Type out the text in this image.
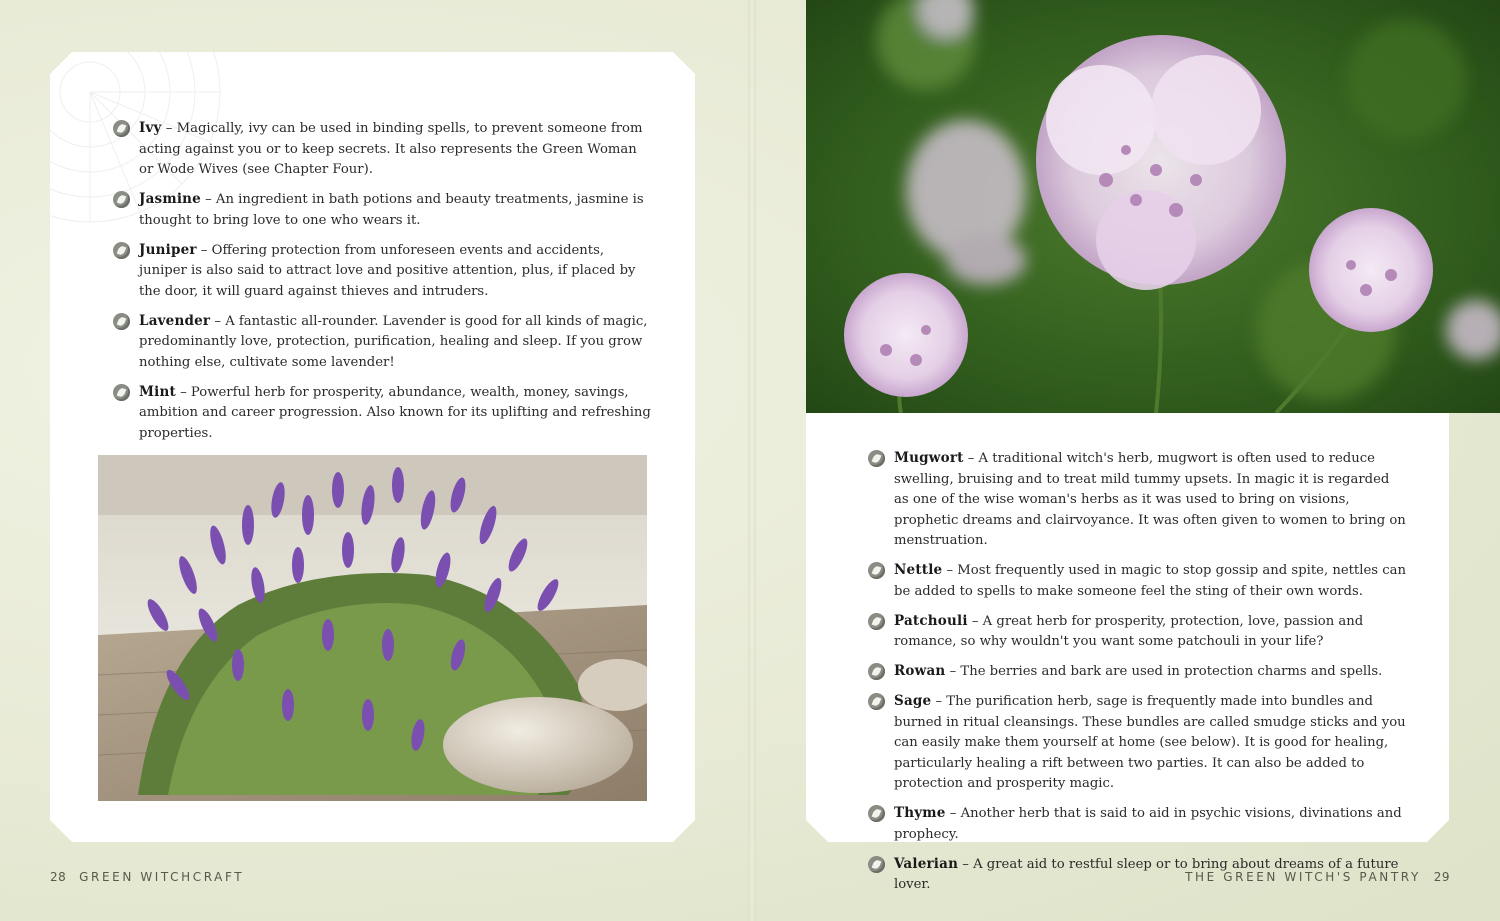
Ivy – Magically, ivy can be used in binding spells, to prevent someone from acting against you or to keep secrets. It also represents the Green Woman or Wode Wives (see Chapter Four).
Jasmine – An ingredient in bath potions and beauty treatments, jasmine is thought to bring love to one who wears it.
Juniper – Offering protection from unforeseen events and accidents, juniper is also said to attract love and positive attention, plus, if placed by the door, it will guard against thieves and intruders.
Lavender – A fantastic all-rounder. Lavender is good for all kinds of magic, predominantly love, protection, purification, healing and sleep. If you grow nothing else, cultivate some lavender!
Mint – Powerful herb for prosperity, abundance, wealth, money, savings, ambition and career progression. Also known for its uplifting and refreshing properties.
Mugwort – A traditional witch's herb, mugwort is often used to reduce swelling, bruising and to treat mild tummy upsets. In magic it is regarded as one of the wise woman's herbs as it was used to bring on visions, prophetic dreams and clairvoyance. It was often given to women to bring on menstruation.
Nettle – Most frequently used in magic to stop gossip and spite, nettles can be added to spells to make someone feel the sting of their own words.
Patchouli – A great herb for prosperity, protection, love, passion and romance, so why wouldn't you want some patchouli in your life?
Rowan – The berries and bark are used in protection charms and spells.
Sage – The purification herb, sage is frequently made into bundles and burned in ritual cleansings. These bundles are called smudge sticks and you can easily make them yourself at home (see below). It is good for healing, particularly healing a rift between two parties. It can also be added to protection and prosperity magic.
Thyme – Another herb that is said to aid in psychic visions, divinations and prophecy.
Valerian – A great aid to restful sleep or to bring about dreams of a future lover.
28 GREEN WITCHCRAFT	THE GREEN WITCH'S PANTRY 29
